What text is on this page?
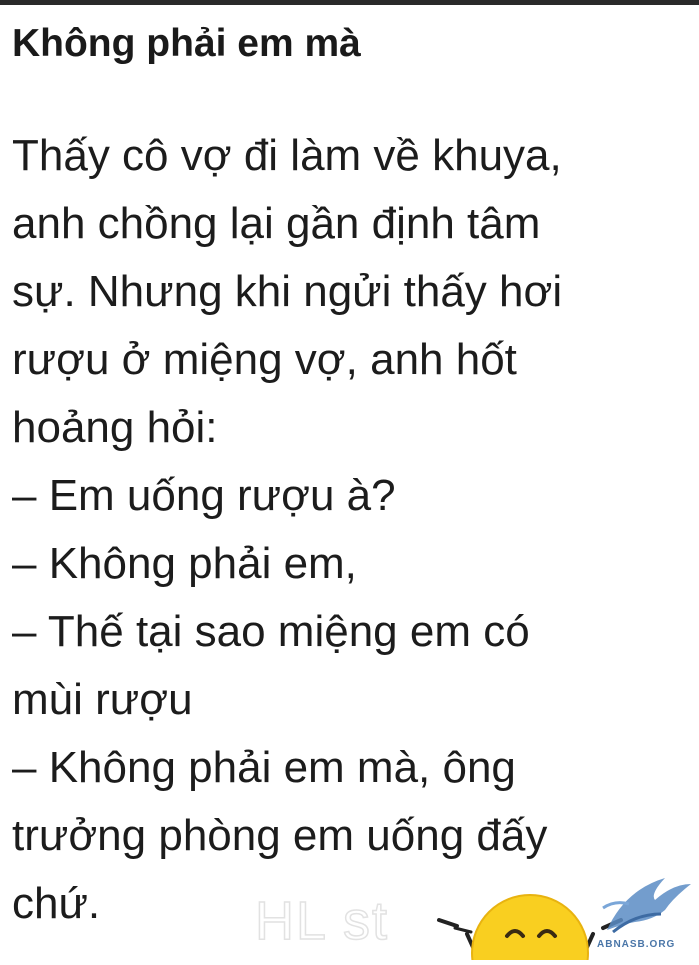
Không phải em mà
Thấy cô vợ đi làm về khuya,
anh chồng lại gần định tâm
sự. Nhưng khi ngửi thấy hơi
rượu ở miệng vợ, anh hốt
hoảng hỏi:
– Em uống rượu à?
– Không phải em,
– Thế tại sao miệng em có
mùi rượu
– Không phải em mà, ông
trưởng phòng em uống đấy
chứ.	HL st	ABNASB.ORG
